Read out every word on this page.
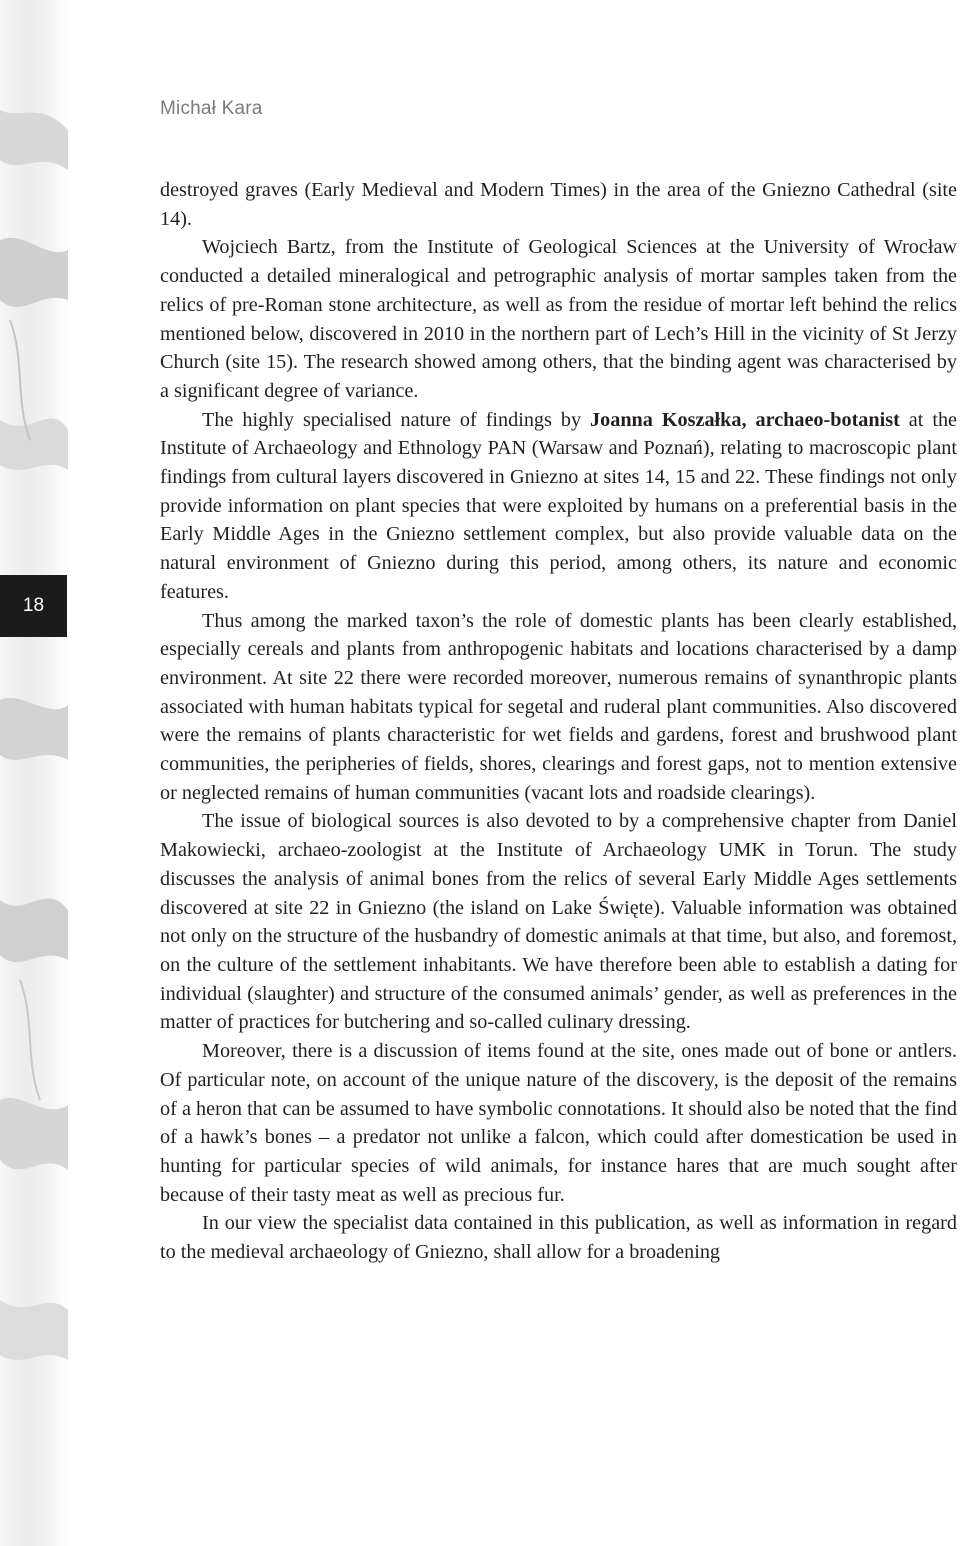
18
Michał Kara

destroyed graves (Early Medieval and Modern Times) in the area of the Gniezno Cathedral (site 14).

Wojciech Bartz, from the Institute of Geological Sciences at the University of Wrocław conducted a detailed mineralogical and petrographic analysis of mortar samples taken from the relics of pre-Roman stone architecture, as well as from the residue of mortar left behind the relics mentioned below, discovered in 2010 in the northern part of Lech’s Hill in the vicinity of St Jerzy Church (site 15). The research showed among others, that the binding agent was characterised by a significant degree of variance.

The highly specialised nature of findings by Joanna Koszałka, archaeo-botanist at the Institute of Archaeology and Ethnology PAN (Warsaw and Poznań), relating to macroscopic plant findings from cultural layers discovered in Gniezno at sites 14, 15 and 22. These findings not only provide information on plant species that were exploited by humans on a preferential basis in the Early Middle Ages in the Gniezno settlement complex, but also provide valuable data on the natural environment of Gniezno during this period, among others, its nature and economic features.

Thus among the marked taxon’s the role of domestic plants has been clearly established, especially cereals and plants from anthropogenic habitats and locations characterised by a damp environment. At site 22 there were recorded moreover, numerous remains of synanthropic plants associated with human habitats typical for segetal and ruderal plant communities. Also discovered were the remains of plants characteristic for wet fields and gardens, forest and brushwood plant communities, the peripheries of fields, shores, clearings and forest gaps, not to mention extensive or neglected remains of human communities (vacant lots and roadside clearings).

The issue of biological sources is also devoted to by a comprehensive chapter from Daniel Makowiecki, archaeo-zoologist at the Institute of Archaeology UMK in Torun. The study discusses the analysis of animal bones from the relics of several Early Middle Ages settlements discovered at site 22 in Gniezno (the island on Lake Święte). Valuable information was obtained not only on the structure of the husbandry of domestic animals at that time, but also, and foremost, on the culture of the settlement inhabitants. We have therefore been able to establish a dating for individual (slaughter) and structure of the consumed animals’ gender, as well as preferences in the matter of practices for butchering and so-called culinary dressing.

Moreover, there is a discussion of items found at the site, ones made out of bone or antlers. Of particular note, on account of the unique nature of the discovery, is the deposit of the remains of a heron that can be assumed to have symbolic connotations. It should also be noted that the find of a hawk’s bones – a predator not unlike a falcon, which could after domestication be used in hunting for particular species of wild animals, for instance hares that are much sought after because of their tasty meat as well as precious fur.

In our view the specialist data contained in this publication, as well as information in regard to the medieval archaeology of Gniezno, shall allow for a broadening
